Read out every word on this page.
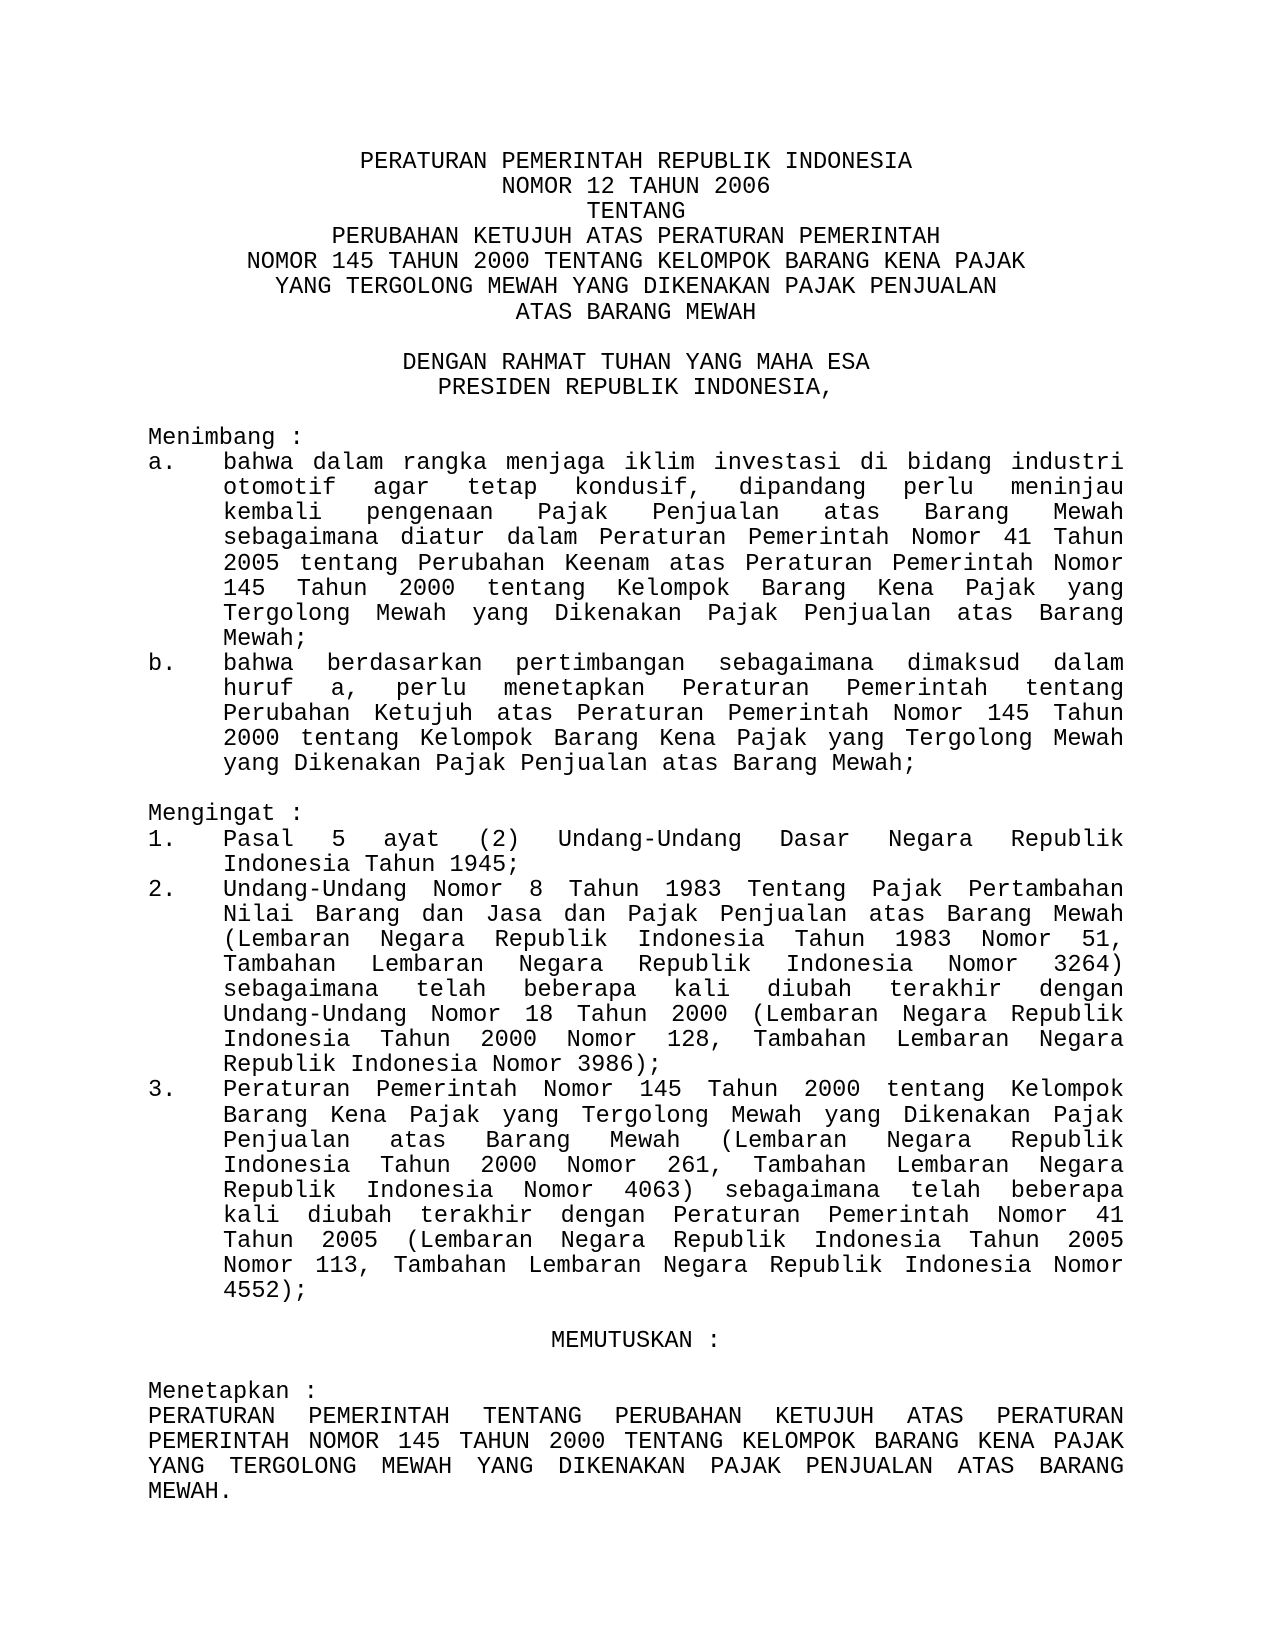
PERATURAN PEMERINTAH REPUBLIK INDONESIA
NOMOR 12 TAHUN 2006
TENTANG
PERUBAHAN KETUJUH ATAS PERATURAN PEMERINTAH
NOMOR 145 TAHUN 2000 TENTANG KELOMPOK BARANG KENA PAJAK
YANG TERGOLONG MEWAH YANG DIKENAKAN PAJAK PENJUALAN
ATAS BARANG MEWAH
DENGAN RAHMAT TUHAN YANG MAHA ESA
PRESIDEN REPUBLIK INDONESIA,
Menimbang :
a. bahwa dalam rangka menjaga iklim investasi di bidang industri
otomotif agar tetap kondusif, dipandang perlu meninjau
kembali pengenaan Pajak Penjualan atas Barang Mewah
sebagaimana diatur dalam Peraturan Pemerintah Nomor 41 Tahun
2005 tentang Perubahan Keenam atas Peraturan Pemerintah Nomor
145 Tahun 2000 tentang Kelompok Barang Kena Pajak yang
Tergolong Mewah yang Dikenakan Pajak Penjualan atas Barang
Mewah;
b. bahwa berdasarkan pertimbangan sebagaimana dimaksud dalam
huruf a, perlu menetapkan Peraturan Pemerintah tentang
Perubahan Ketujuh atas Peraturan Pemerintah Nomor 145 Tahun
2000 tentang Kelompok Barang Kena Pajak yang Tergolong Mewah
yang Dikenakan Pajak Penjualan atas Barang Mewah;
Mengingat :
1. Pasal 5 ayat (2) Undang-Undang Dasar Negara Republik
Indonesia Tahun 1945;
2. Undang-Undang Nomor 8 Tahun 1983 Tentang Pajak Pertambahan
Nilai Barang dan Jasa dan Pajak Penjualan atas Barang Mewah
(Lembaran Negara Republik Indonesia Tahun 1983 Nomor 51,
Tambahan Lembaran Negara Republik Indonesia Nomor 3264)
sebagaimana telah beberapa kali diubah terakhir dengan
Undang-Undang Nomor 18 Tahun 2000 (Lembaran Negara Republik
Indonesia Tahun 2000 Nomor 128, Tambahan Lembaran Negara
Republik Indonesia Nomor 3986);
3. Peraturan Pemerintah Nomor 145 Tahun 2000 tentang Kelompok
Barang Kena Pajak yang Tergolong Mewah yang Dikenakan Pajak
Penjualan atas Barang Mewah (Lembaran Negara Republik
Indonesia Tahun 2000 Nomor 261, Tambahan Lembaran Negara
Republik Indonesia Nomor 4063) sebagaimana telah beberapa
kali diubah terakhir dengan Peraturan Pemerintah Nomor 41
Tahun 2005 (Lembaran Negara Republik Indonesia Tahun 2005
Nomor 113, Tambahan Lembaran Negara Republik Indonesia Nomor
4552);
MEMUTUSKAN :
Menetapkan :
PERATURAN PEMERINTAH TENTANG PERUBAHAN KETUJUH ATAS PERATURAN
PEMERINTAH NOMOR 145 TAHUN 2000 TENTANG KELOMPOK BARANG KENA PAJAK
YANG TERGOLONG MEWAH YANG DIKENAKAN PAJAK PENJUALAN ATAS BARANG
MEWAH.
